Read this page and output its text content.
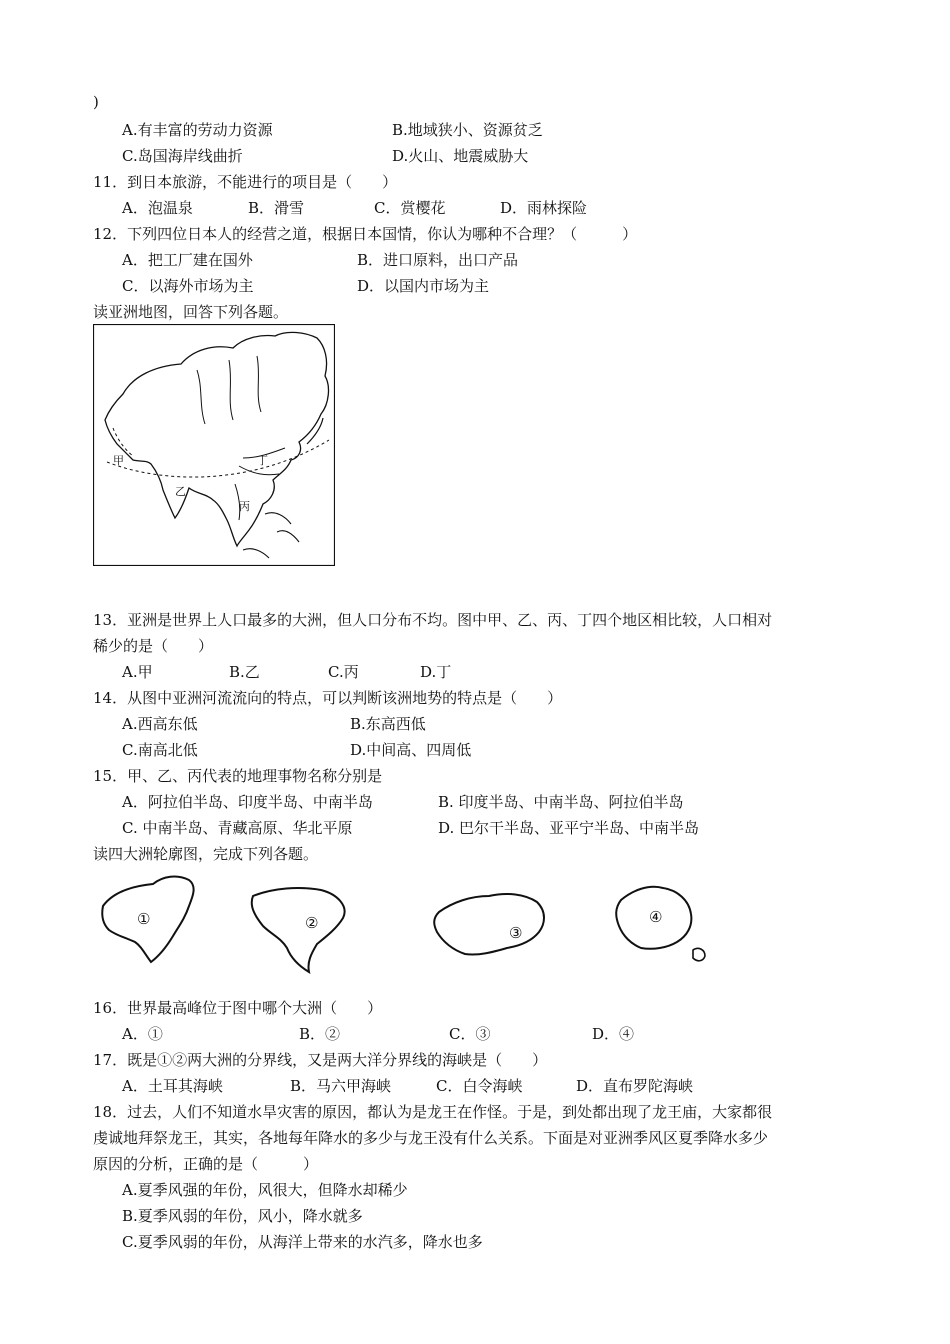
)
A.有丰富的劳动力资源	B.地域狭小、资源贫乏
C.岛国海岸线曲折	D.火山、地震威胁大
11．到日本旅游，不能进行的项目是（　　）
A．泡温泉	B．滑雪	C．赏樱花	D．雨林探险
12．下列四位日本人的经营之道，根据日本国情，你认为哪种不合理？（　　　）
A．把工厂建在国外	B．进口原料，出口产品
C．以海外市场为主	D．以国内市场为主
读亚洲地图，回答下列各题。
甲
乙
丙
丁
13．亚洲是世界上人口最多的大洲，但人口分布不均。图中甲、乙、丙、丁四个地区相比较，人口相对
稀少的是（　　）
A.甲	B.乙	C.丙	D.丁
14．从图中亚洲河流流向的特点，可以判断该洲地势的特点是（　　）
A.西高东低	B.东高西低
C.南高北低	D.中间高、四周低
15．甲、乙、丙代表的地理事物名称分别是
A．阿拉伯半岛、印度半岛、中南半岛	B. 印度半岛、中南半岛、阿拉伯半岛
C. 中南半岛、青藏高原、华北平原	D. 巴尔干半岛、亚平宁半岛、中南半岛
读四大洲轮廓图，完成下列各题。
①	②
③
④
16．世界最高峰位于图中哪个大洲（　　）
A．①	B．②	C．③	D．④
17．既是①②两大洲的分界线，又是两大洋分界线的海峡是（　　）
A．土耳其海峡	B．马六甲海峡	C．白令海峡	D．直布罗陀海峡
18．过去，人们不知道水旱灾害的原因，都认为是龙王在作怪。于是，到处都出现了龙王庙，大家都很
虔诚地拜祭龙王，其实，各地每年降水的多少与龙王没有什么关系。下面是对亚洲季风区夏季降水多少
原因的分析，正确的是（　　　）
A.夏季风强的年份，风很大，但降水却稀少
B.夏季风弱的年份，风小，降水就多
C.夏季风弱的年份，从海洋上带来的水汽多，降水也多
